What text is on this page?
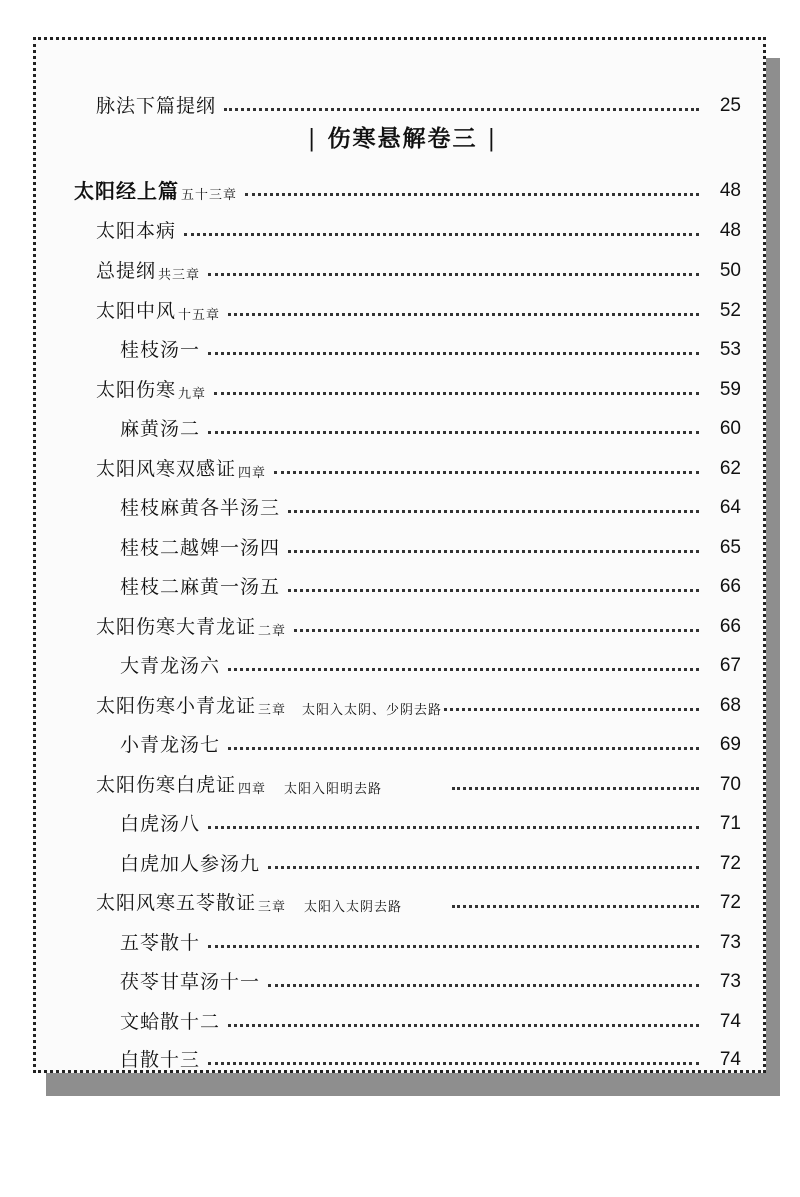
脉法下篇提纲	25
| 伤寒悬解卷三 |
太阳经上篇 五十三章	48
太阳本病	48
总提纲 共三章	50
太阳中风 十五章	52
桂枝汤一	53
太阳伤寒 九章	59
麻黄汤二	60
太阳风寒双感证 四章	62
桂枝麻黄各半汤三	64
桂枝二越婢一汤四	65
桂枝二麻黄一汤五	66
太阳伤寒大青龙证 二章	66
大青龙汤六	67
太阳伤寒小青龙证 三章 太阳入太阴、少阴去路	68
小青龙汤七	69
太阳伤寒白虎证 四章 太阳入阳明去路	70
白虎汤八	71
白虎加人参汤九	72
太阳风寒五苓散证 三章 太阳入太阴去路	72
五苓散十	73
茯苓甘草汤十一	73
文蛤散十二	74
白散十三	74
